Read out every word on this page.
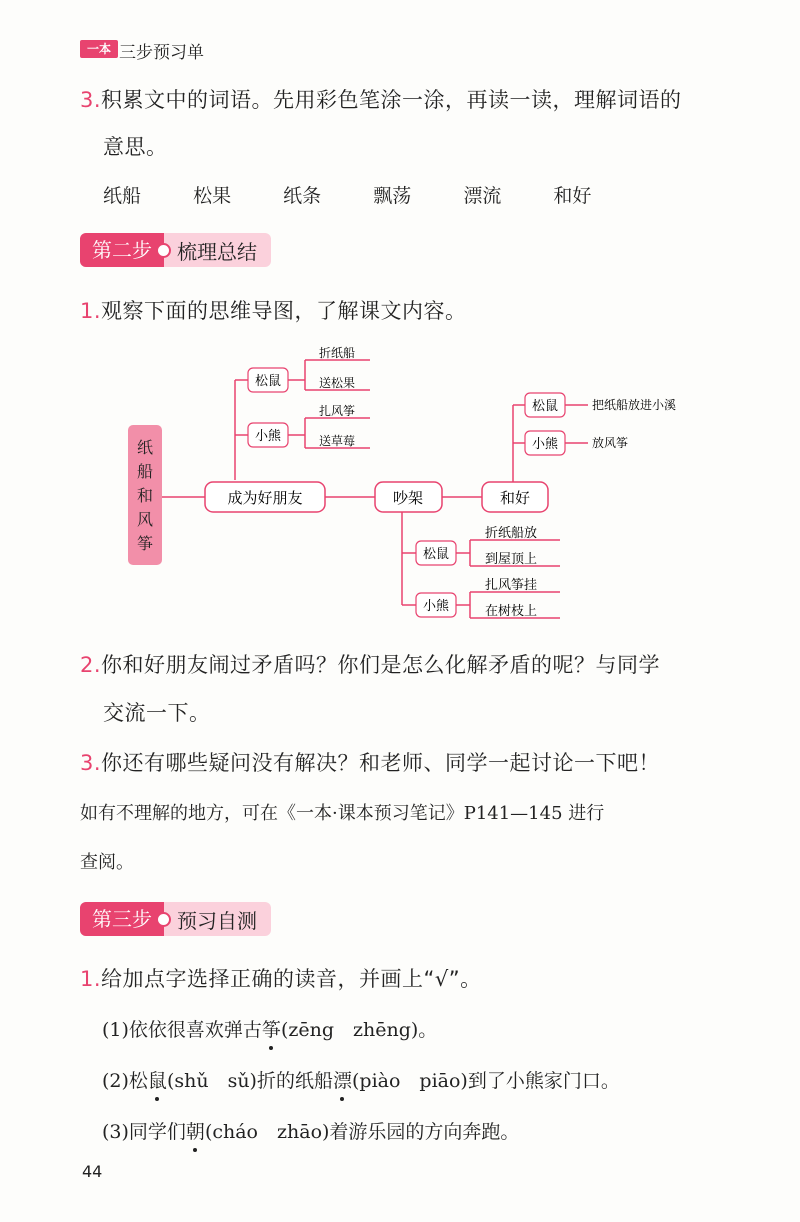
一本 三步预习单
3.积累文中的词语。先用彩色笔涂一涂，再读一读，理解词语的
意思。
纸船  松果  纸条  飘荡  漂流  和好
第二步	梳理总结
1.观察下面的思维导图，了解课文内容。
纸
船
和
风
筝
成为好朋友	吵架	和好
松鼠
折纸船
送松果
小熊
扎风筝
送草莓
松鼠	把纸船放进小溪
小熊	放风筝
松鼠
折纸船放
到屋顶上
小熊
扎风筝挂
在树枝上
2.你和好朋友闹过矛盾吗？你们是怎么化解矛盾的呢？与同学
交流一下。
3.你还有哪些疑问没有解决？和老师、同学一起讨论一下吧！
如有不理解的地方，可在《一本·课本预习笔记》P141—145 进行
查阅。
第三步	预习自测
1.给加点字选择正确的读音，并画上“√”。
(1)依依很喜欢弹古筝(zēng　zhēng)。
(2)松鼠(shǔ　sǔ)折的纸船漂(piào　piāo)到了小熊家门口。
(3)同学们朝(cháo　zhāo)着游乐园的方向奔跑。
44
